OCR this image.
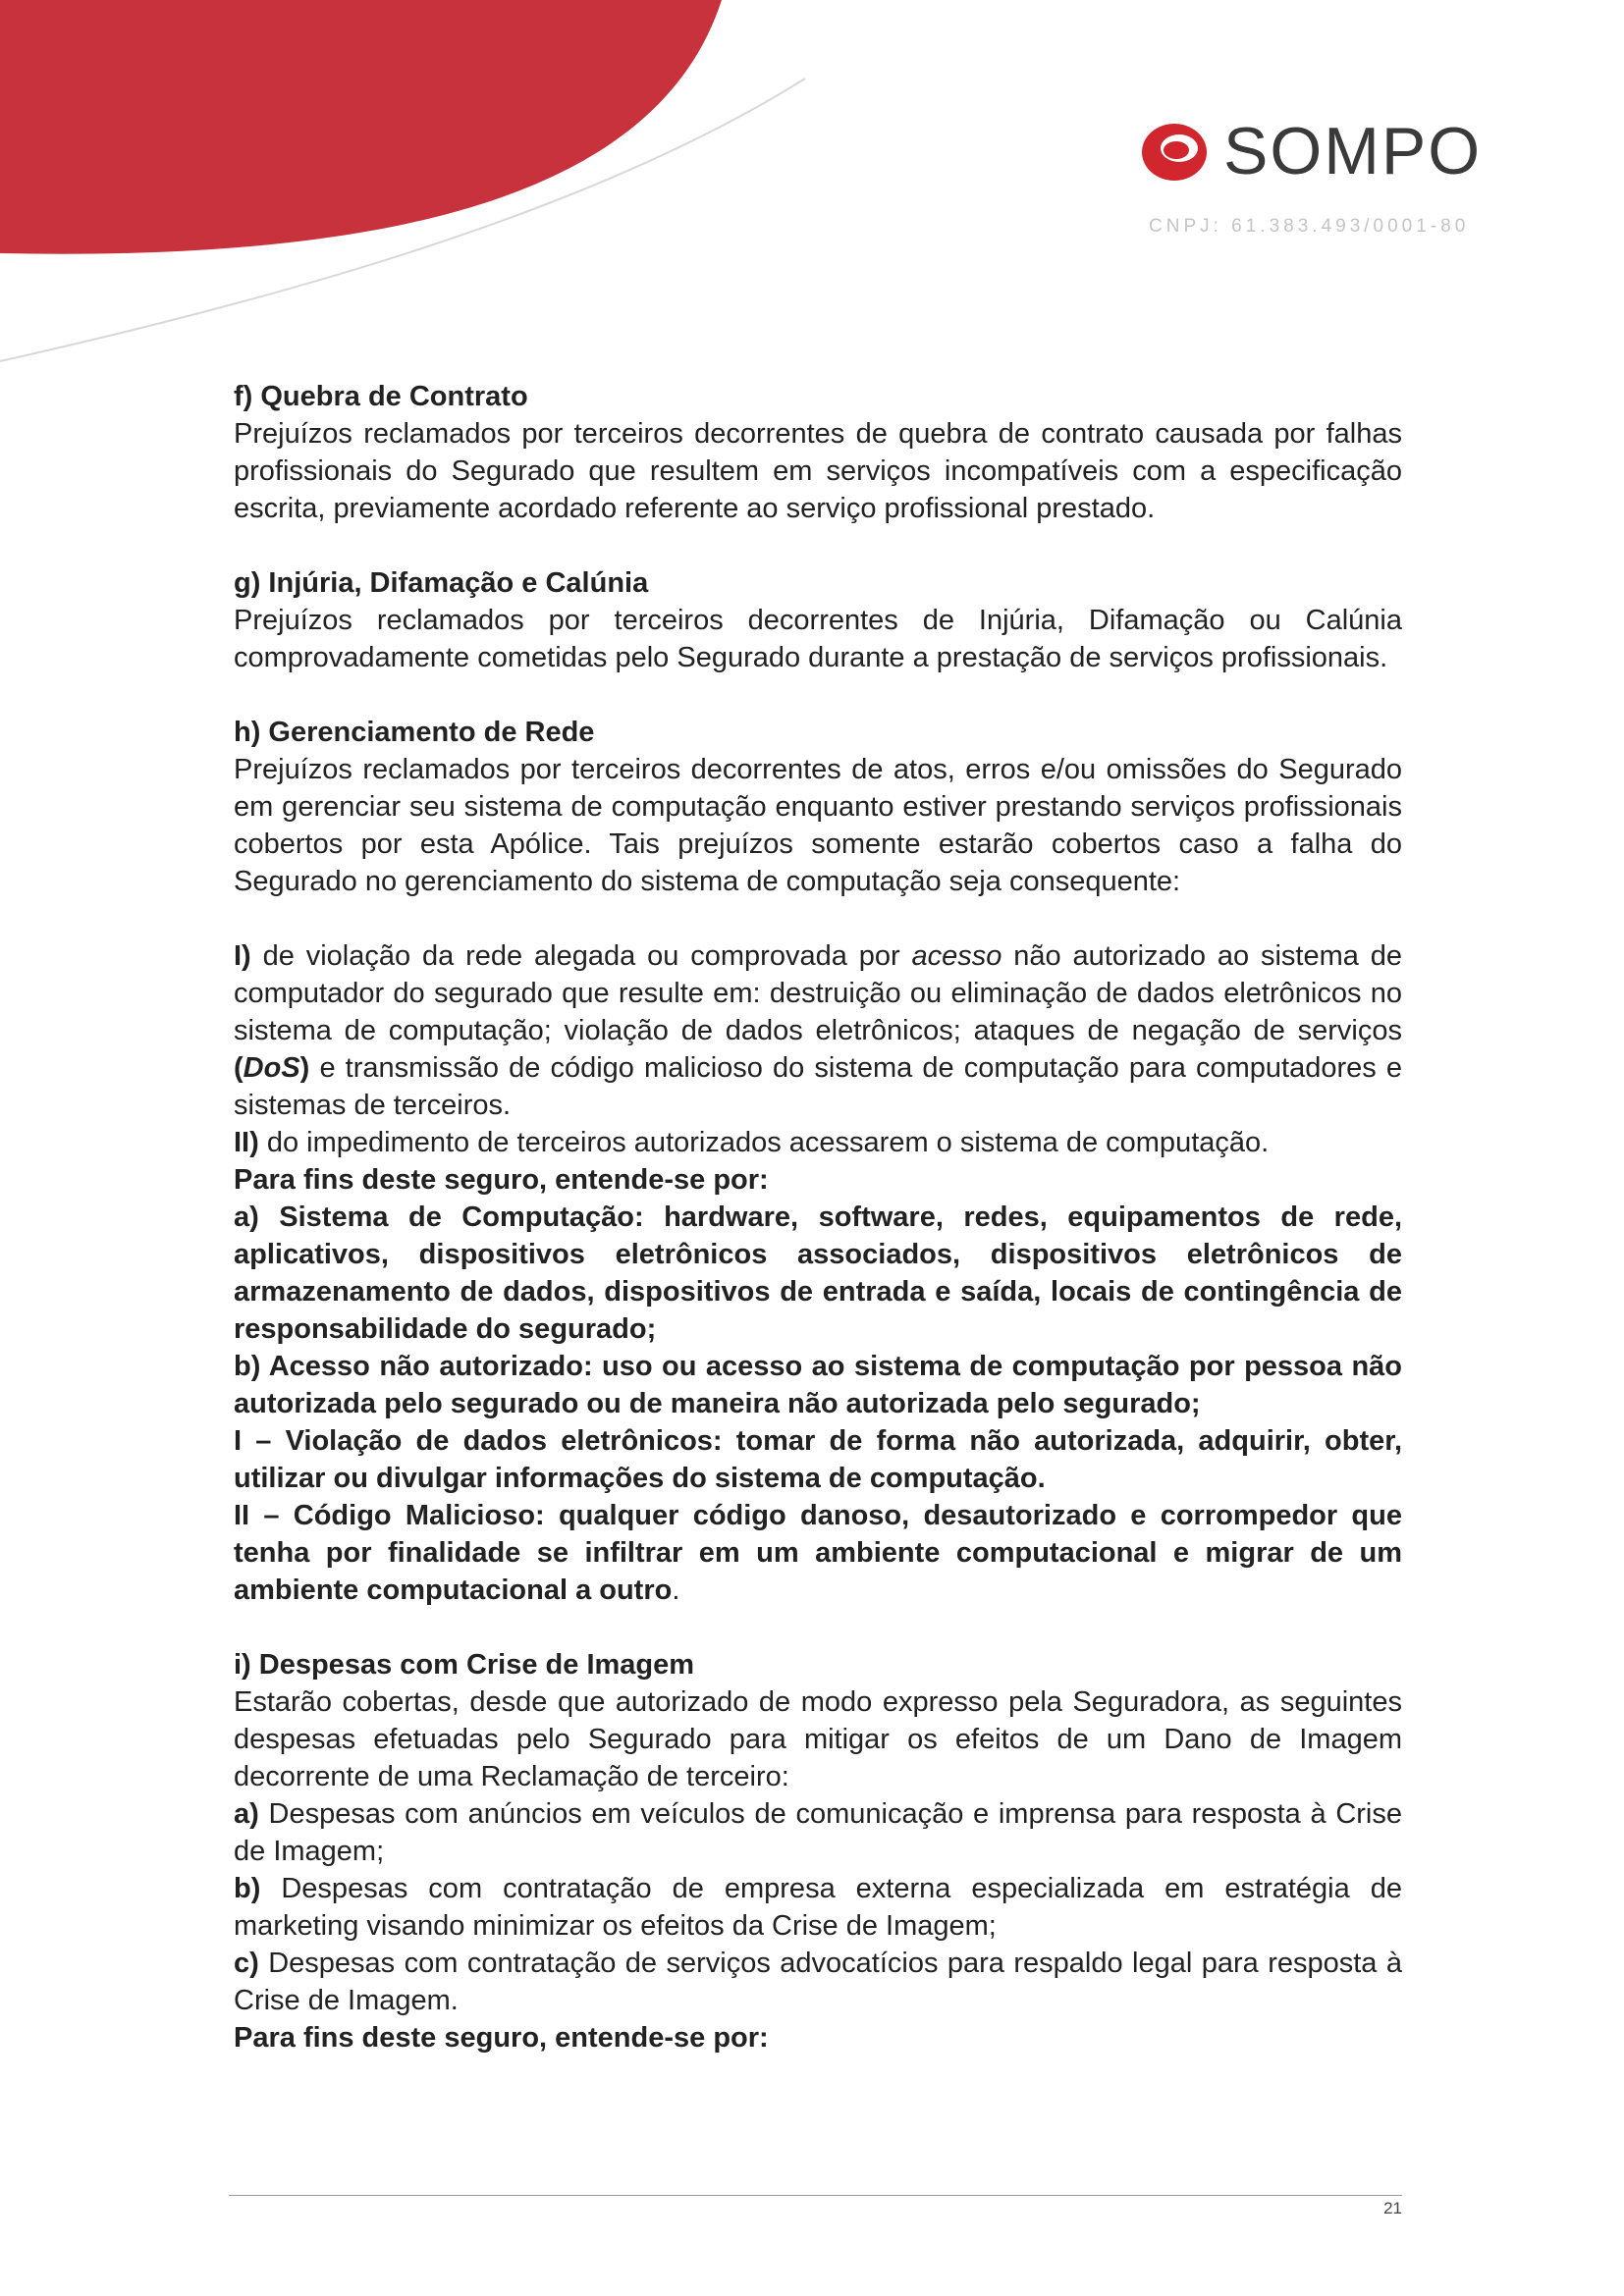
SOMPO
CNPJ: 61.383.493/0001-80

f) Quebra de Contrato

Prejuízos reclamados por terceiros decorrentes de quebra de contrato causada por falhas profissionais do Segurado que resultem em serviços incompatíveis com a especificação escrita, previamente acordado referente ao serviço profissional prestado.

g) Injúria, Difamação e Calúnia

Prejuízos reclamados por terceiros decorrentes de Injúria, Difamação ou Calúnia comprovadamente cometidas pelo Segurado durante a prestação de serviços profissionais.

h) Gerenciamento de Rede

Prejuízos reclamados por terceiros decorrentes de atos, erros e/ou omissões do Segurado em gerenciar seu sistema de computação enquanto estiver prestando serviços profissionais cobertos por esta Apólice. Tais prejuízos somente estarão cobertos caso a falha do Segurado no gerenciamento do sistema de computação seja consequente:

I) de violação da rede alegada ou comprovada por acesso não autorizado ao sistema de computador do segurado que resulte em: destruição ou eliminação de dados eletrônicos no sistema de computação; violação de dados eletrônicos; ataques de negação de serviços (DoS) e transmissão de código malicioso do sistema de computação para computadores e sistemas de terceiros.

II) do impedimento de terceiros autorizados acessarem o sistema de computação.

Para fins deste seguro, entende-se por:

a) Sistema de Computação: hardware, software, redes, equipamentos de rede, aplicativos, dispositivos eletrônicos associados, dispositivos eletrônicos de armazenamento de dados, dispositivos de entrada e saída, locais de contingência de responsabilidade do segurado;

b) Acesso não autorizado: uso ou acesso ao sistema de computação por pessoa não autorizada pelo segurado ou de maneira não autorizada pelo segurado;

I – Violação de dados eletrônicos: tomar de forma não autorizada, adquirir, obter, utilizar ou divulgar informações do sistema de computação.

II – Código Malicioso: qualquer código danoso, desautorizado e corrompedor que tenha por finalidade se infiltrar em um ambiente computacional e migrar de um ambiente computacional a outro.

i) Despesas com Crise de Imagem

Estarão cobertas, desde que autorizado de modo expresso pela Seguradora, as seguintes despesas efetuadas pelo Segurado para mitigar os efeitos de um Dano de Imagem decorrente de uma Reclamação de terceiro:

a) Despesas com anúncios em veículos de comunicação e imprensa para resposta à Crise de Imagem;

b) Despesas com contratação de empresa externa especializada em estratégia de marketing visando minimizar os efeitos da Crise de Imagem;

c) Despesas com contratação de serviços advocatícios para respaldo legal para resposta à Crise de Imagem.

Para fins deste seguro, entende-se por:

21
